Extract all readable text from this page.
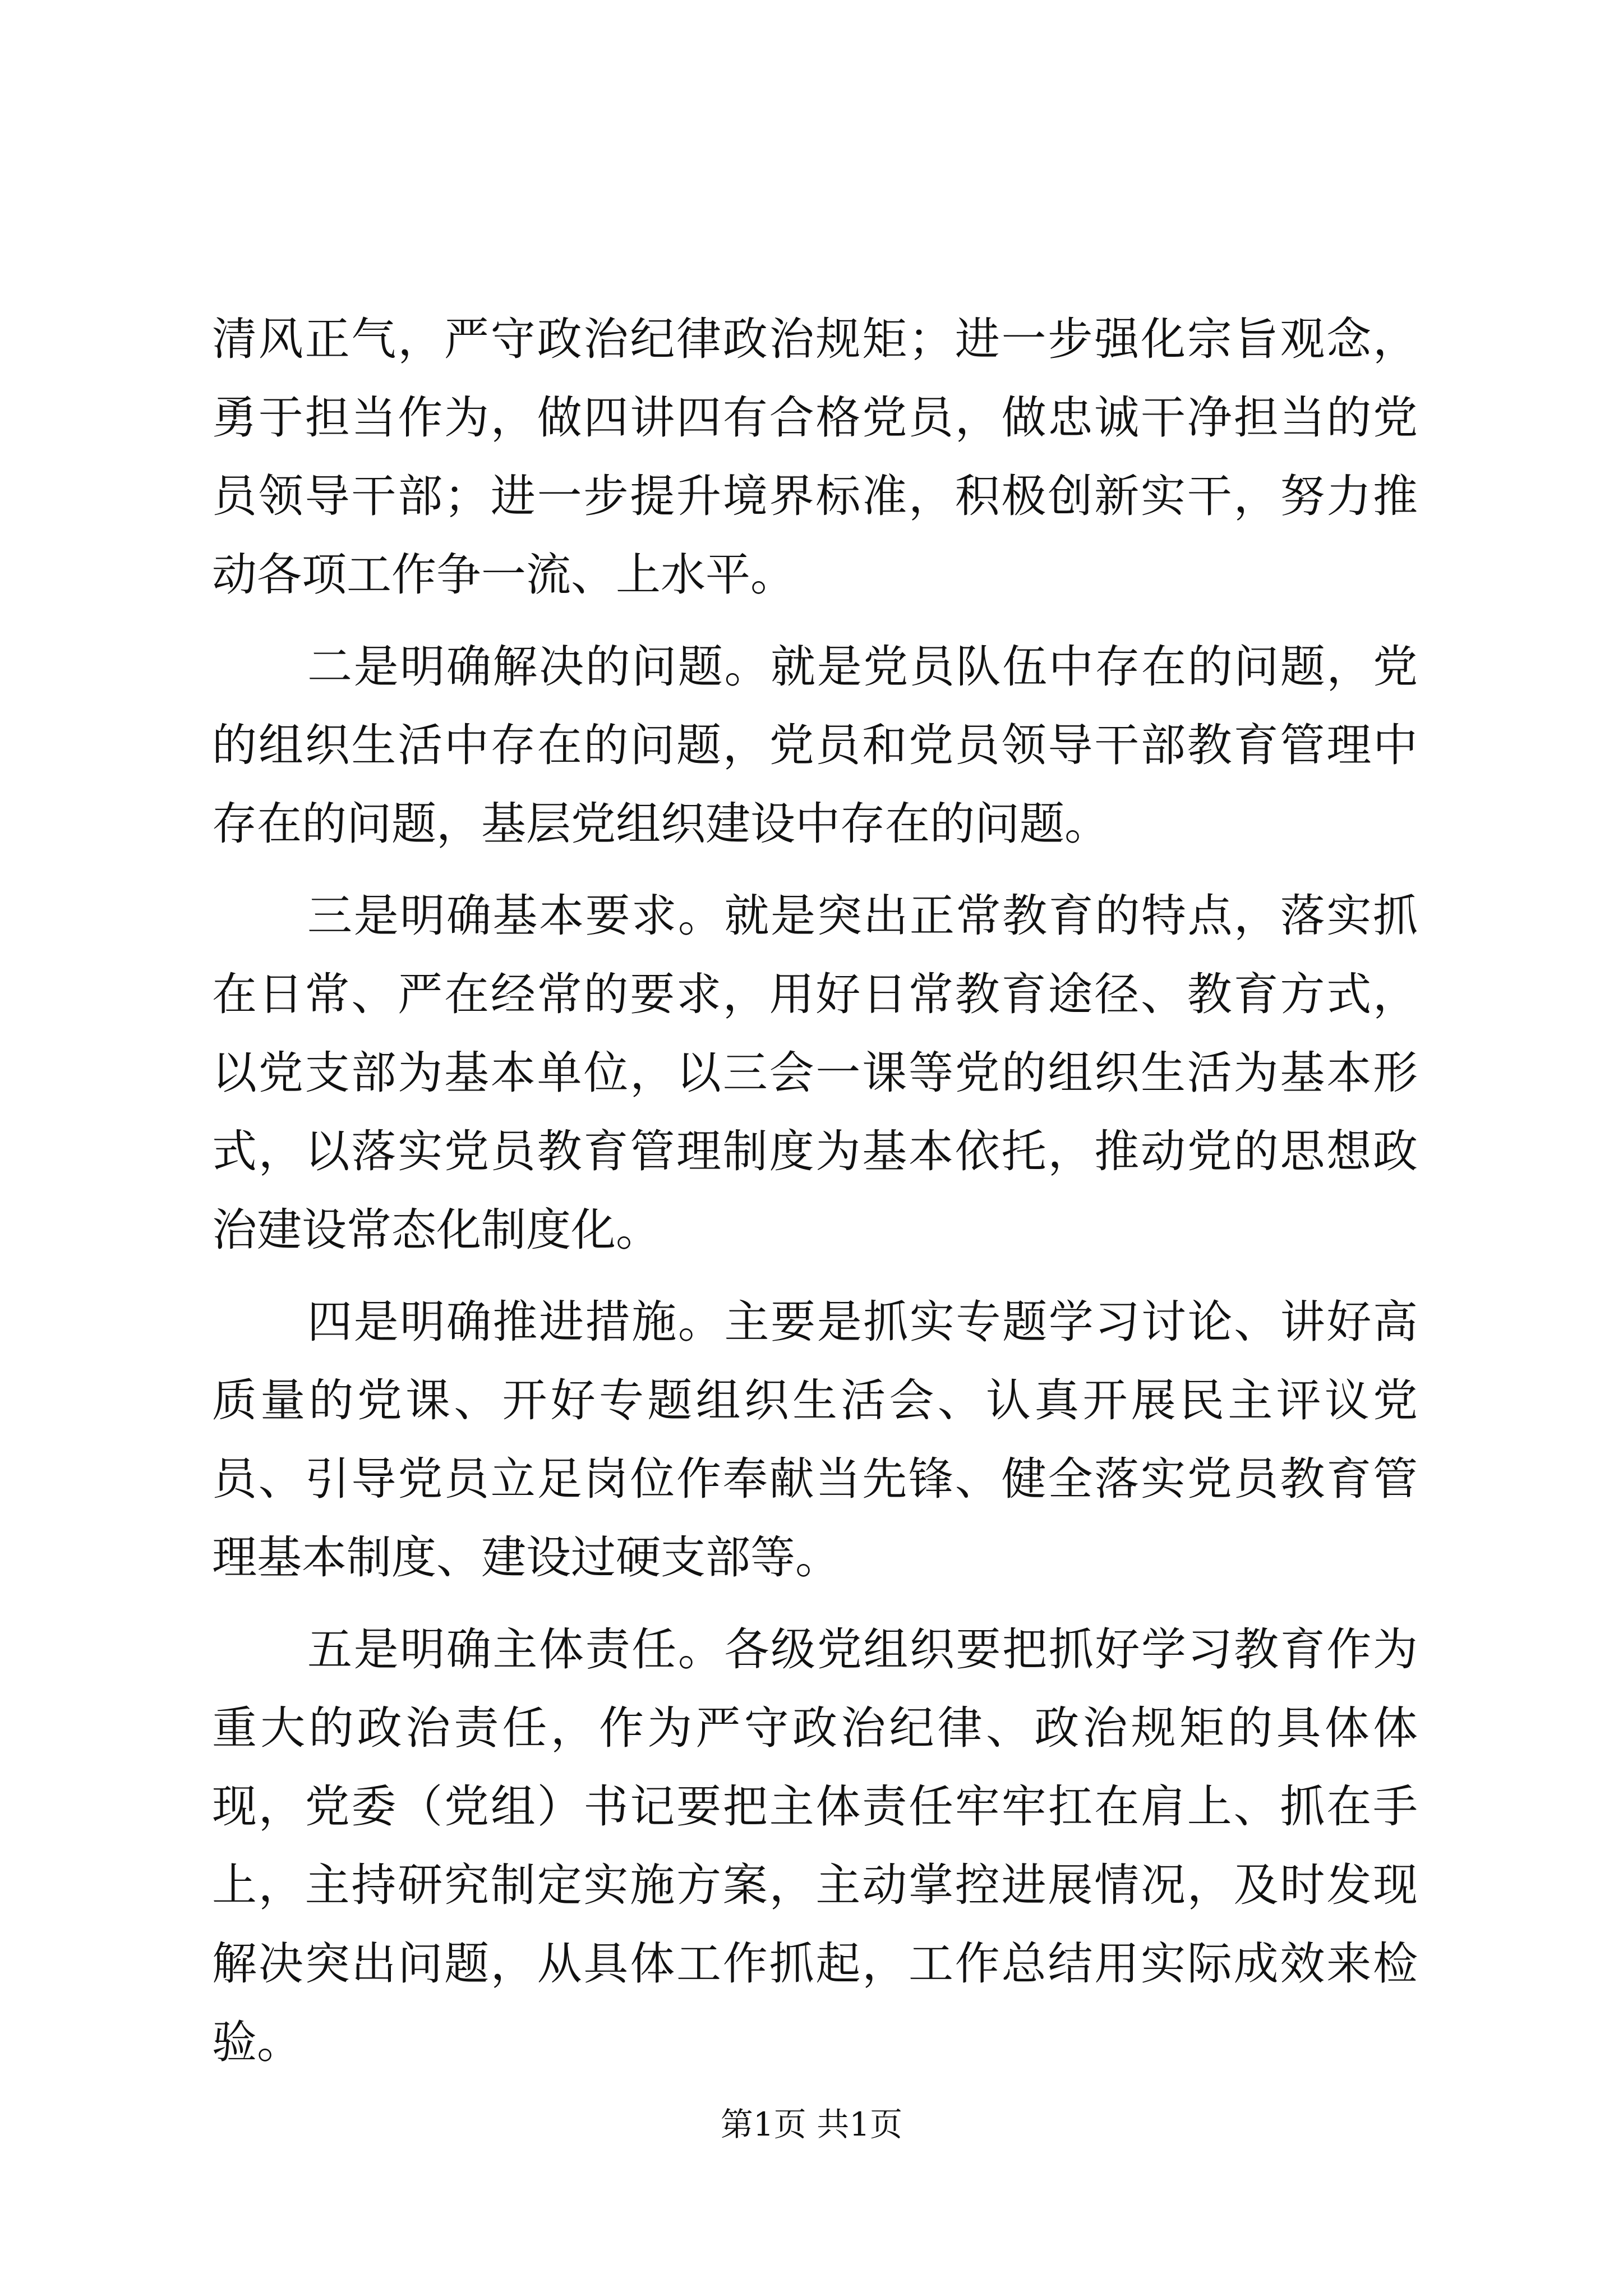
清风正气，严守政治纪律政治规矩；进一步强化宗旨观念，勇于担当作为，做四讲四有合格党员，做忠诚干净担当的党员领导干部；进一步提升境界标准，积极创新实干，努力推动各项工作争一流、上水平。

二是明确解决的问题。就是党员队伍中存在的问题，党的组织生活中存在的问题，党员和党员领导干部教育管理中存在的问题，基层党组织建设中存在的问题。

三是明确基本要求。就是突出正常教育的特点，落实抓在日常、严在经常的要求，用好日常教育途径、教育方式，以党支部为基本单位，以三会一课等党的组织生活为基本形式，以落实党员教育管理制度为基本依托，推动党的思想政治建设常态化制度化。

四是明确推进措施。主要是抓实专题学习讨论、讲好高质量的党课、开好专题组织生活会、认真开展民主评议党员、引导党员立足岗位作奉献当先锋、健全落实党员教育管理基本制度、建设过硬支部等。

五是明确主体责任。各级党组织要把抓好学习教育作为重大的政治责任，作为严守政治纪律、政治规矩的具体体现，党委（党组）书记要把主体责任牢牢扛在肩上、抓在手上，主持研究制定实施方案，主动掌控进展情况，及时发现解决突出问题，从具体工作抓起，工作总结用实际成效来检验。

第1页 共1页
